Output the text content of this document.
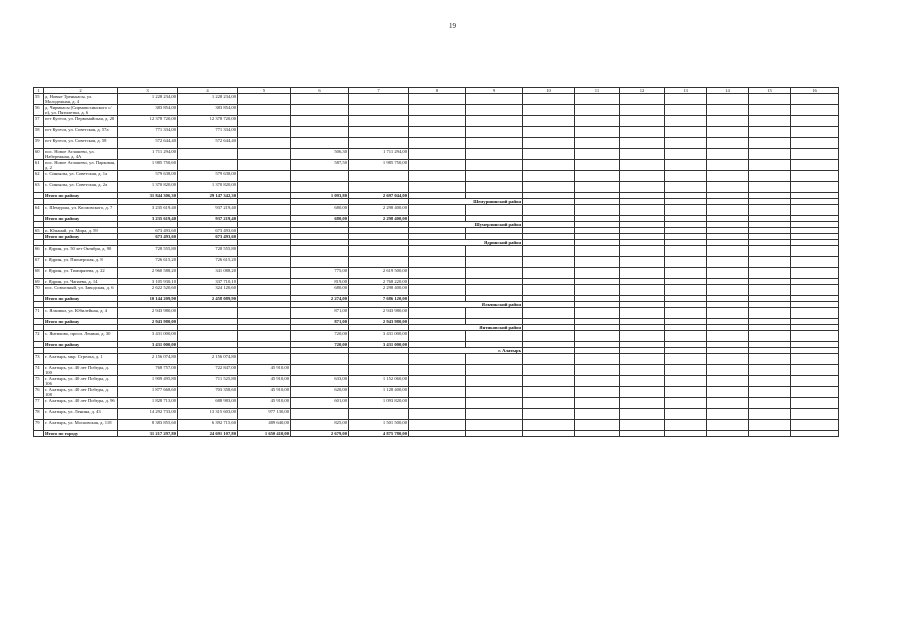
19
1	2	3	4	5	6	7	8	9	10	11	12	13	14	15	16
55	д. Новые Тренькасы, ул. Молодежная, д. 4	1 228 234,00	1 228 234,00												
56	д. Чирмкасы (Сирмапосинского с/п), ул. Пятилетки, д. 6	383 854,00	383 854,00												
57	пгт Кугеси, ул. Первомайская, д. 20	12 378 720,00	12 378 720,00												
58	пгт Кугеси, ул. Советская, д. 57а	771 334,00	771 334,00												
59	пгт Кугеси, ул. Советская, д. 58	572 644,40	572 644,40												
60	пос. Новое Атлашево, ул. Набережная, д. 4А	1 711 294,00			506,30	1 711 294,00									
61	пос. Новое Атлашево, ул. Парковая, д. 2	1 985 750,60			587,50	1 985 750,00									
62	с. Синьялы, ул. Советская, д. 1а	579 638,00	579 638,00												
63	с. Синьялы, ул. Советская, д. 2а	1 370 820,00	1 370 820,00												
	Итого по району	31 844 306,30	29 147 342,30		1 093,80	2 697 044,00									
							Шемуршинский район								
64	с. Шемурша, ул. Космовского, д. 7	3 235 619,40	937 219,40		680,00	2 298 400,00									
	Итого по району	3 235 619,40	937 219,40		680,00	2 298 400,00									
							Шумерлинский район								
65	п. Юманай, ул. Мира, д. 59	673 493,60	673 493,60												
	Итого по району	673 493,60	673 493,60												
							Ядринский район								
66	г. Ядрин, ул. 50 лет Октября, д. 90	728 555,80	728 555,80												
67	г. Ядрин, ул. Пионерская, д. 8	726 615,20	726 615,20												
68	г. Ядрин, ул. Тимирязева, д. 22	2 960 588,20	341 088,20		775,00	2 619 500,00									
69	г. Ядрин, ул. Чапаева, д. 14	3 105 930,10	337 710,10		819,00	2 768 220,00									
70	пос. Совхозный, ул. Заводская, д. 6	2 622 520,60	324 120,60		680,00	2 298 400,00									
	Итого по району	10 144 209,90	2 458 089,90		2 274,00	7 686 120,00									
							Яльчикский район								
71	с. Яльчики, ул. Юбилейная, д. 4	2 943 980,00			871,00	2 943 980,00									
	Итого по району	2 943 980,00			871,00	2 943 980,00									
							Янтиковский район								
72	с. Янтиково, просп. Ленина, д. 30	3 431 000,00			720,00	3 431 000,00									
	Итого по району	3 431 000,00			720,00	3 431 000,00									
							г. Алатырь								
73	г. Алатырь, мкр. Стрелка, д. 1	2 156 074,80	2 156 074,80												
74	г. Алатырь, ул. 40 лет Победы, д. 100	768 757,00	722 847,00	45 910,00											
75	г. Алатырь, ул. 40 лет Победы, д. 106	1 909 495,80	711 525,80	45 910,00	633,00	1 152 060,00									
76	г. Алатырь, ул. 40 лет Победы, д. 108	1 877 668,60	703 358,60	45 910,00	620,00	1 128 400,00									
77	г. Алатырь, ул. 40 лет Победы, д. 96	1 828 713,00	688 983,00	45 910,00	601,00	1 093 820,00									
78	г. Алатырь, ул. Ленина, д. 43	14 292 733,00	13 315 603,00	977 130,00											
79	г. Алатырь, ул. Московская, д. 118	8 383 855,60	6 392 715,60	489 640,00	825,00	1 501 500,00									
	Итого по городу	31 217 297,80	24 691 107,80	1 650 410,00	2 679,00	4 875 780,00									
